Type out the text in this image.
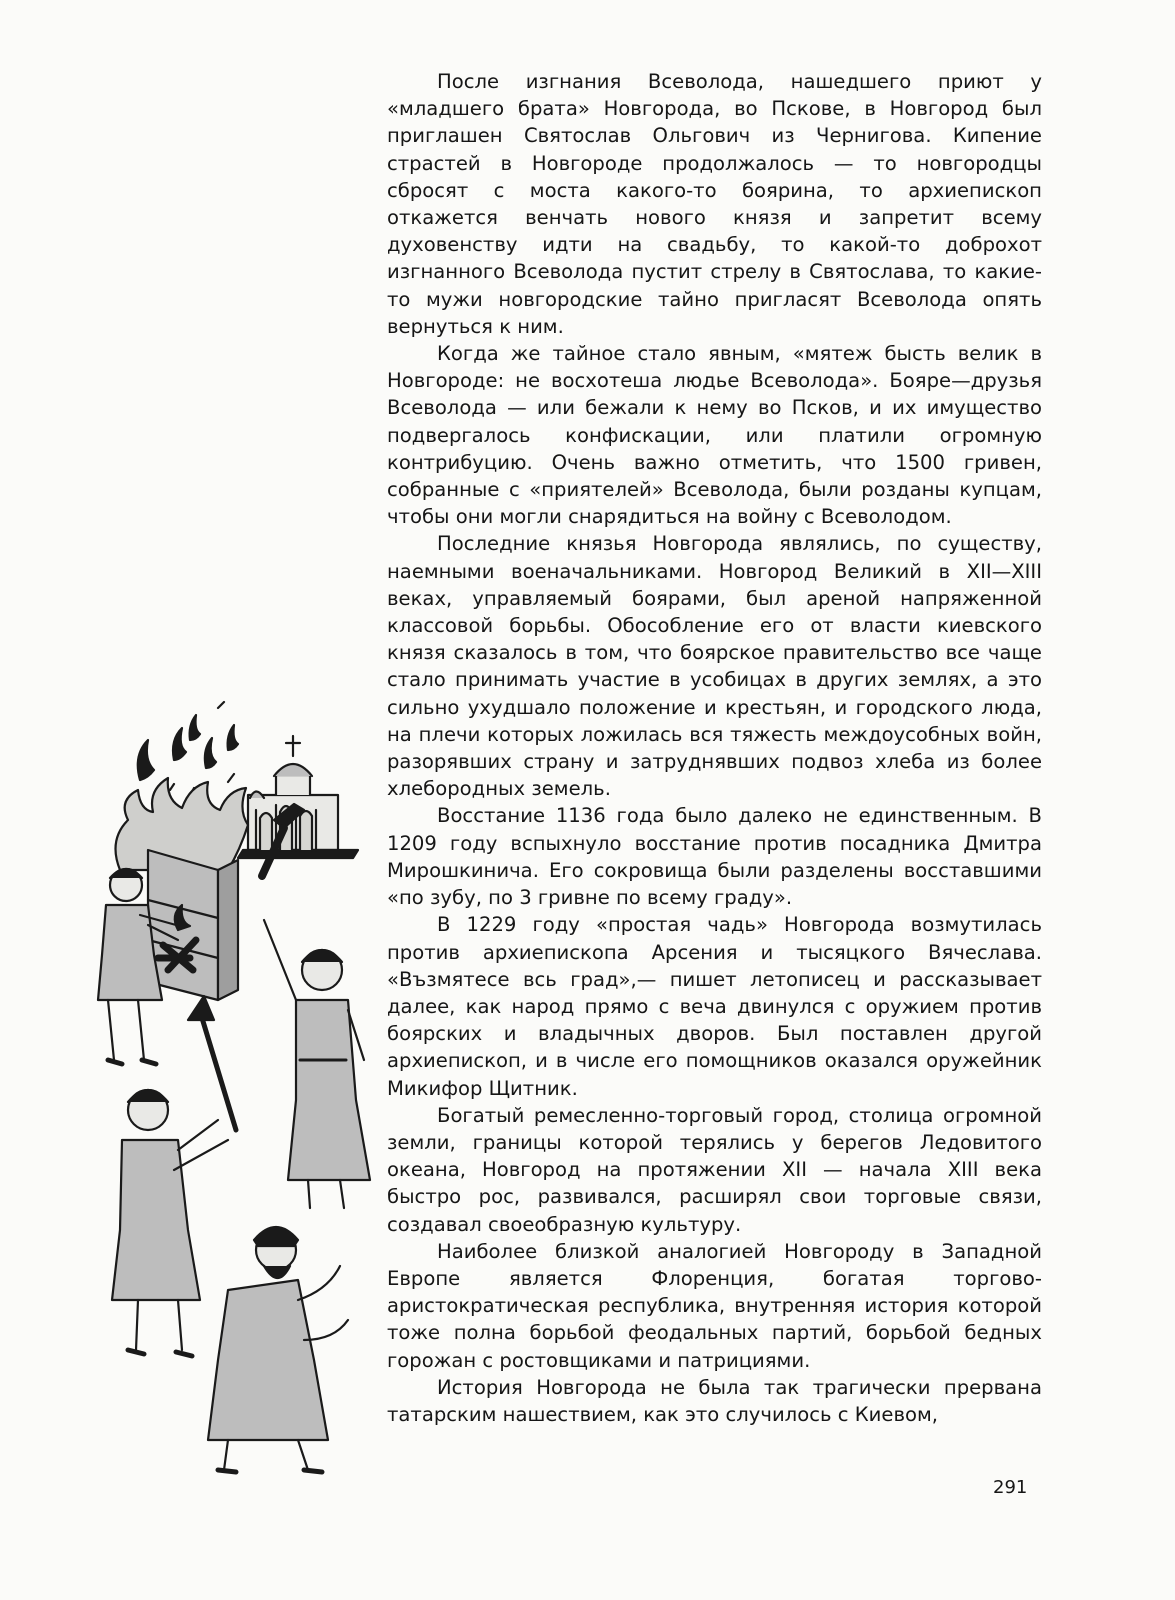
После изгнания Всеволода, нашедшего приют у «младшего брата» Новгорода, во Пскове, в Новгород был приглашен Святослав Ольгович из Чернигова. Кипение страстей в Новгороде продолжалось — то новгородцы сбросят с моста какого-то боярина, то архиепископ откажется венчать нового князя и запретит всему духовенству идти на свадьбу, то какой-то доброхот изгнанного Всеволода пустит стрелу в Святослава, то какие-то мужи новгородские тайно пригласят Всеволода опять вернуться к ним.

Когда же тайное стало явным, «мятеж бысть велик в Новгороде: не восхотеша людье Всеволода». Бояре—друзья Всеволода — или бежали к нему во Псков, и их имущество подвергалось конфискации, или платили огромную контрибуцию. Очень важно отметить, что 1500 гривен, собранные с «приятелей» Всеволода, были розданы купцам, чтобы они могли снарядиться на войну с Всеволодом.

Последние князья Новгорода являлись, по существу, наемными военачальниками. Новгород Великий в XII—XIII веках, управляемый боярами, был ареной напряженной классовой борьбы. Обособление его от власти киевского князя сказалось в том, что боярское правительство все чаще стало принимать участие в усобицах в других землях, а это сильно ухудшало положение и крестьян, и городского люда, на плечи которых ложилась вся тяжесть междоусобных войн, разорявших страну и затруднявших подвоз хлеба из более хлебородных земель.

Восстание 1136 года было далеко не единственным. В 1209 году вспыхнуло восстание против посадника Дмитра Мирошкинича. Его сокровища были разделены восставшими «по зубу, по 3 гривне по всему граду».

В 1229 году «простая чадь» Новгорода возмутилась против архиепископа Арсения и тысяцкого Вячеслава. «Възмятесе всь град»,— пишет летописец и рассказывает далее, как народ прямо с веча двинулся с оружием против боярских и владычных дворов. Был поставлен другой архиепископ, и в числе его помощников оказался оружейник Микифор Щитник.

Богатый ремесленно-торговый город, столица огромной земли, границы которой терялись у берегов Ледовитого океана, Новгород на протяжении XII — начала XIII века быстро рос, развивался, расширял свои торговые связи, создавал своеобразную культуру.

Наиболее близкой аналогией Новгороду в Западной Европе является Флоренция, богатая торгово-аристократическая республика, внутренняя история которой тоже полна борьбой феодальных партий, борьбой бедных горожан с ростовщиками и патрициями.

История Новгорода не была так трагически прервана татарским нашествием, как это случилось с Киевом,

291
